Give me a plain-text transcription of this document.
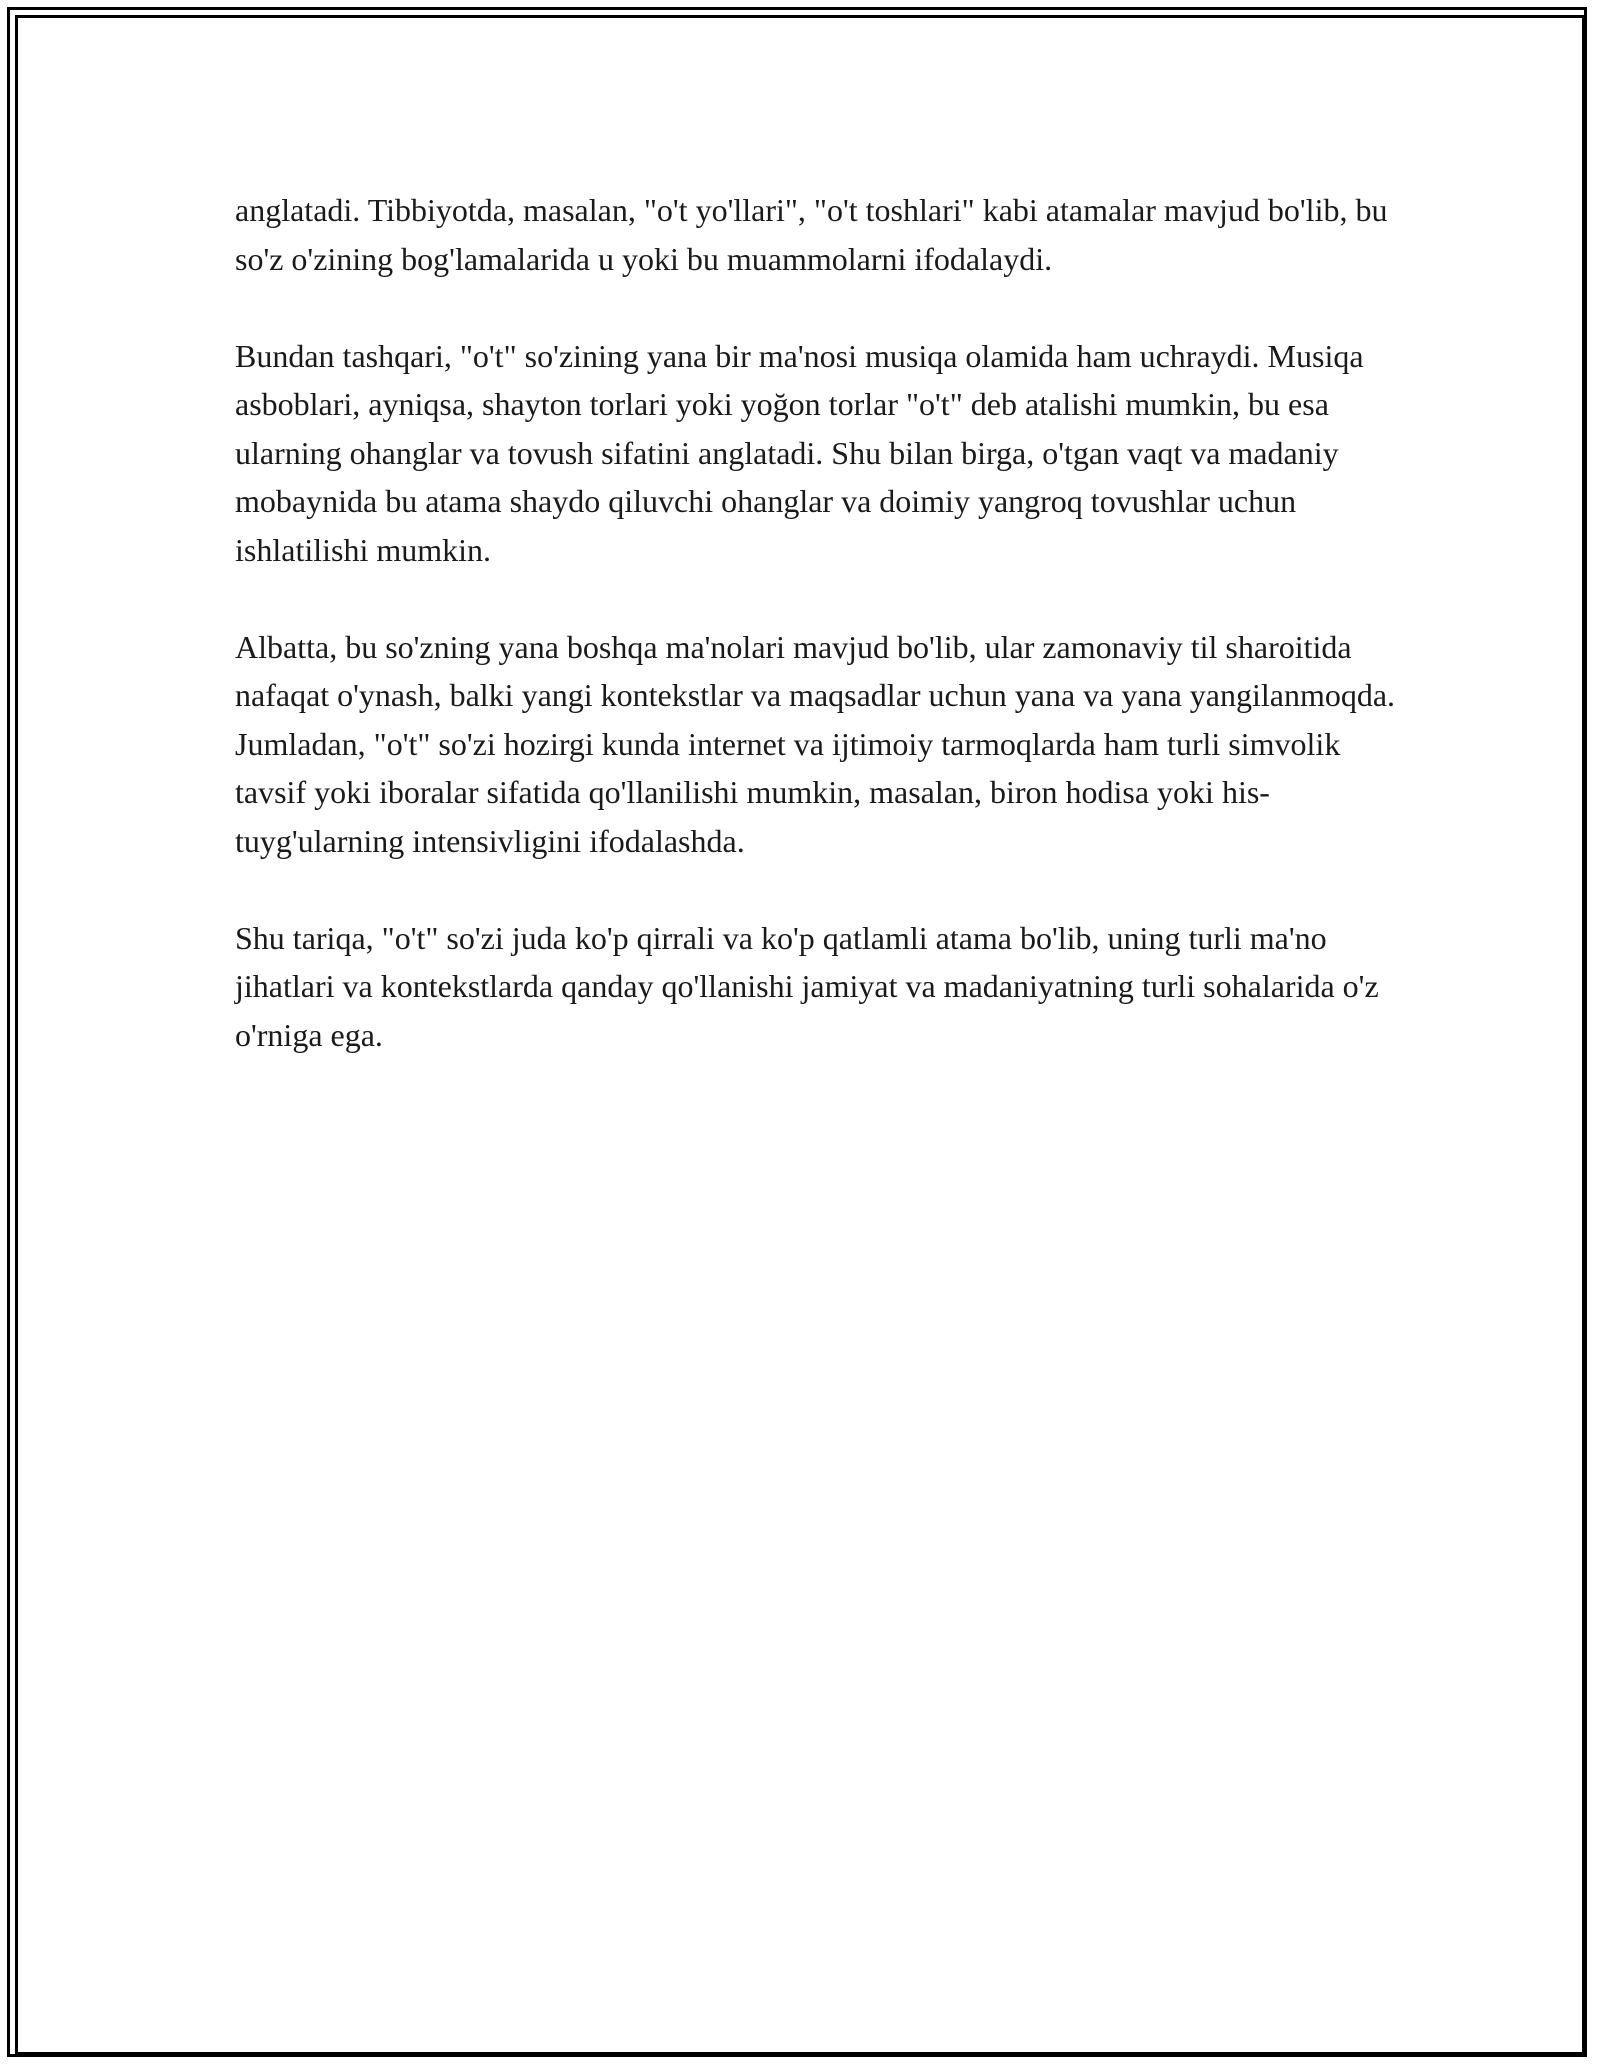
anglatadi. Tibbiyotda, masalan, "o't yo'llari", "o't toshlari" kabi atamalar mavjud bo'lib, bu so'z o'zining bog'lamalarida u yoki bu muammolarni ifodalaydi.

Bundan tashqari, "o't" so'zining yana bir ma'nosi musiqa olamida ham uchraydi. Musiqa asboblari, ayniqsa, shayton torlari yoki yoğon torlar "o't" deb atalishi mumkin, bu esa ularning ohanglar va tovush sifatini anglatadi. Shu bilan birga, o'tgan vaqt va madaniy mobaynida bu atama shaydo qiluvchi ohanglar va doimiy yangroq tovushlar uchun ishlatilishi mumkin.

Albatta, bu so'zning yana boshqa ma'nolari mavjud bo'lib, ular zamonaviy til sharoitida nafaqat o'ynash, balki yangi kontekstlar va maqsadlar uchun yana va yana yangilanmoqda. Jumladan, "o't" so'zi hozirgi kunda internet va ijtimoiy tarmoqlarda ham turli simvolik tavsif yoki iboralar sifatida qo'llanilishi mumkin, masalan, biron hodisa yoki his-tuyg'ularning intensivligini ifodalashda.

Shu tariqa, "o't" so'zi juda ko'p qirrali va ko'p qatlamli atama bo'lib, uning turli ma'no jihatlari va kontekstlarda qanday qo'llanishi jamiyat va madaniyatning turli sohalarida o'z o'rniga ega.
